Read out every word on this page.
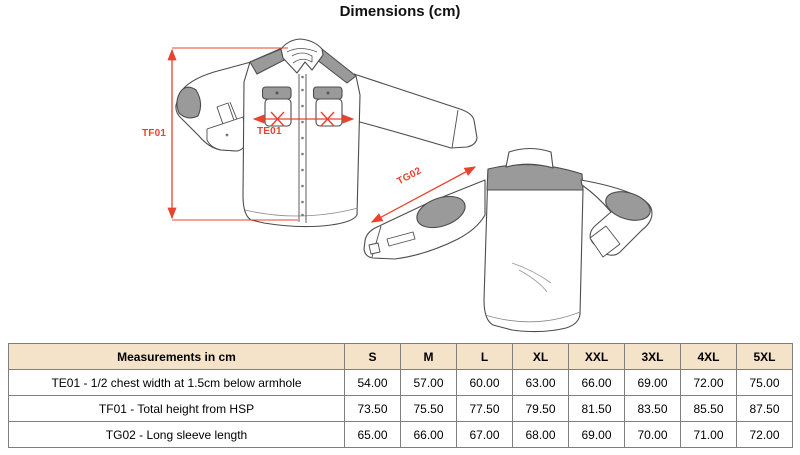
Dimensions (cm)
TF01	TE01
TG02
Measurements in cm	S	M	L	XL	XXL	3XL	4XL	5XL
TE01 - 1/2 chest width at 1.5cm below armhole	54.00	57.00	60.00	63.00	66.00	69.00	72.00	75.00
TF01 - Total height from HSP	73.50	75.50	77.50	79.50	81.50	83.50	85.50	87.50
TG02 - Long sleeve length	65.00	66.00	67.00	68.00	69.00	70.00	71.00	72.00
